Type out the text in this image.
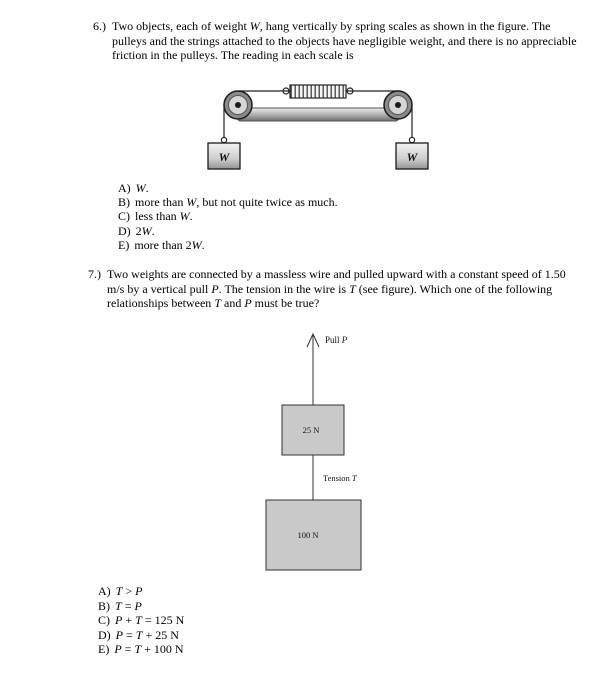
6.) Two objects, each of weight W, hang vertically by spring scales as shown in the figure. The pulleys and the strings attached to the objects have negligible weight, and there is no appreciable friction in the pulleys. The reading in each scale is
W	W
A) W.
B) more than W, but not quite twice as much.
C) less than W.
D) 2W.
E) more than 2W.
7.) Two weights are connected by a massless wire and pulled upward with a constant speed of 1.50 m/s by a vertical pull P. The tension in the wire is T (see figure). Which one of the following relationships between T and P must be true?
Pull P
25 N
Tension T
100 N
A) T > P
B) T = P
C) P + T = 125 N
D) P = T + 25 N
E) P = T + 100 N
